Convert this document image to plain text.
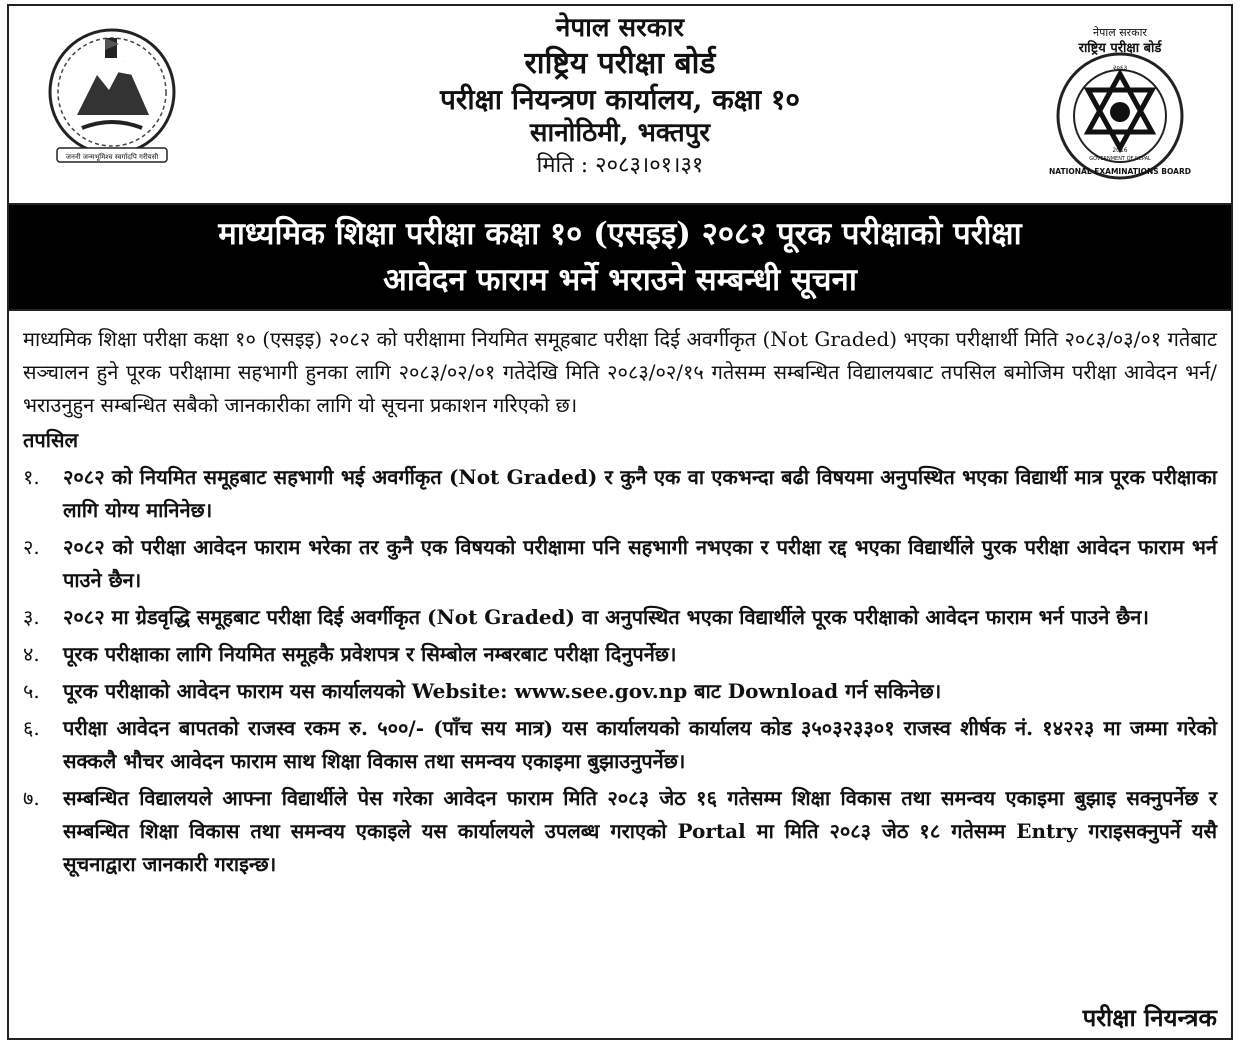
जननी जन्मभूमिश्च स्वर्गादपि गरीयसी
नेपाल सरकार
राष्ट्रिय परीक्षा बोर्ड
परीक्षा नियन्त्रण कार्यालय, कक्षा १०
सानोठिमी, भक्तपुर
मिति : २०८३।०१।३१
नेपाल सरकार
राष्ट्रिय परीक्षा बोर्ड
२०६३
2016
GOVERNMENT OF NEPAL
NATIONAL EXAMINATIONS BOARD
माध्यमिक शिक्षा परीक्षा कक्षा १० (एसइइ) २०८२ पूरक परीक्षाको परीक्षा
आवेदन फाराम भर्ने भराउने सम्बन्धी सूचना

माध्यमिक शिक्षा परीक्षा कक्षा १० (एसइइ) २०८२ को परीक्षामा नियमित समूहबाट परीक्षा दिई अवर्गीकृत (Not Graded) भएका परीक्षार्थी मिति २०८३/०३/०१ गतेबाट सञ्चालन हुने पूरक परीक्षामा सहभागी हुनका लागि २०८३/०२/०१ गतेदेखि मिति २०८३/०२/१५ गतेसम्म सम्बन्धित विद्यालयबाट तपसिल बमोजिम परीक्षा आवेदन भर्न/भराउनुहुन सम्बन्धित सबैको जानकारीका लागि यो सूचना प्रकाशन गरिएको छ।

तपसिल
१.	२०८२ को नियमित समूहबाट सहभागी भई अवर्गीकृत (Not Graded) र कुनै एक वा एकभन्दा बढी विषयमा अनुपस्थित भएका विद्यार्थी मात्र पूरक परीक्षाका लागि योग्य मानिनेछ।
२.	२०८२ को परीक्षा आवेदन फाराम भरेका तर कुनै एक विषयको परीक्षामा पनि सहभागी नभएका र परीक्षा रद्द भएका विद्यार्थीले पुरक परीक्षा आवेदन फाराम भर्न पाउने छैन।
३.	२०८२ मा ग्रेडवृद्धि समूहबाट परीक्षा दिई अवर्गीकृत (Not Graded) वा अनुपस्थित भएका विद्यार्थीले पूरक परीक्षाको आवेदन फाराम भर्न पाउने छैन।
४.	पूरक परीक्षाका लागि नियमित समूहकै प्रवेशपत्र र सिम्बोल नम्बरबाट परीक्षा दिनुपर्नेछ।
५.	पूरक परीक्षाको आवेदन फाराम यस कार्यालयको Website: www.see.gov.np बाट Download गर्न सकिनेछ।
६.	परीक्षा आवेदन बापतको राजस्व रकम रु. ५००/- (पाँच सय मात्र) यस कार्यालयको कार्यालय कोड ३५०३२३३०१ राजस्व शीर्षक नं. १४२२३ मा जम्मा गरेको सक्कलै भौचर आवेदन फाराम साथ शिक्षा विकास तथा समन्वय एकाइमा बुझाउनुपर्नेछ।
७.	सम्बन्धित विद्यालयले आफ्ना विद्यार्थीले पेस गरेका आवेदन फाराम मिति २०८३ जेठ १६ गतेसम्म शिक्षा विकास तथा समन्वय एकाइमा बुझाइ सक्नुपर्नेछ र सम्बन्धित शिक्षा विकास तथा समन्वय एकाइले यस कार्यालयले उपलब्ध गराएको Portal मा मिति २०८३ जेठ १८ गतेसम्म Entry गराइसक्नुपर्ने यसै सूचनाद्वारा जानकारी गराइन्छ।
परीक्षा नियन्त्रक
